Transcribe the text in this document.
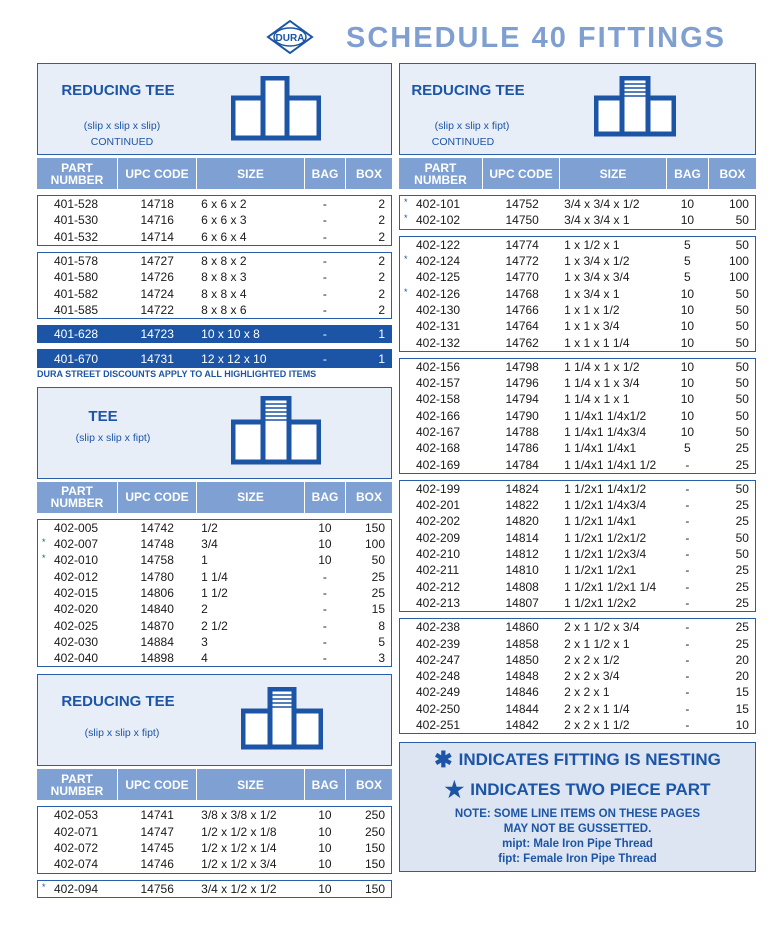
DURA SCHEDULE 40 FITTINGS
REDUCING TEE
(slip x slip x slip)
CONTINUED
PART NUMBER	UPC CODE	SIZE	BAG	BOX
401-528	14718	6 x 6 x 2	-	2
401-530	14716	6 x 6 x 3	-	2
401-532	14714	6 x 6 x 4	-	2
401-578	14727	8 x 8 x 2	-	2
401-580	14726	8 x 8 x 3	-	2
401-582	14724	8 x 8 x 4	-	2
401-585	14722	8 x 8 x 6	-	2
401-628	14723	10 x 10 x 8	-	1
401-670	14731	12 x 12 x 10	-	1
DURA STREET DISCOUNTS APPLY TO ALL HIGHLIGHTED ITEMS
TEE
(slip x slip x fipt)
PART NUMBER	UPC CODE	SIZE	BAG	BOX
402-005	14742	1/2	10	150
* 402-007	14748	3/4	10	100
* 402-010	14758	1	10	50
402-012	14780	1 1/4	-	25
402-015	14806	1 1/2	-	25
402-020	14840	2	-	15
402-025	14870	2 1/2	-	8
402-030	14884	3	-	5
402-040	14898	4	-	3
REDUCING TEE
(slip x slip x fipt)
PART NUMBER	UPC CODE	SIZE	BAG	BOX
402-053	14741	3/8 x 3/8 x 1/2	10	250
402-071	14747	1/2 x 1/2 x 1/8	10	250
402-072	14745	1/2 x 1/2 x 1/4	10	150
402-074	14746	1/2 x 1/2 x 3/4	10	150
* 402-094	14756	3/4 x 1/2 x 1/2	10	150
REDUCING TEE
(slip x slip x fipt)
CONTINUED
PART NUMBER	UPC CODE	SIZE	BAG	BOX
* 402-101	14752	3/4 x 3/4 x 1/2	10	100
* 402-102	14750	3/4 x 3/4 x 1	10	50
402-122	14774	1 x 1/2 x 1	5	50
* 402-124	14772	1 x 3/4 x 1/2	5	100
402-125	14770	1 x 3/4 x 3/4	5	100
* 402-126	14768	1 x 3/4 x 1	10	50
402-130	14766	1 x 1 x 1/2	10	50
402-131	14764	1 x 1 x 3/4	10	50
402-132	14762	1 x 1 x 1 1/4	10	50
402-156	14798	1 1/4 x 1 x 1/2	10	50
402-157	14796	1 1/4 x 1 x 3/4	10	50
402-158	14794	1 1/4 x 1 x 1	10	50
402-166	14790	1 1/4x1 1/4x1/2	10	50
402-167	14788	1 1/4x1 1/4x3/4	10	50
402-168	14786	1 1/4x1 1/4x1	5	25
402-169	14784	1 1/4x1 1/4x1 1/2	-	25
402-199	14824	1 1/2x1 1/4x1/2	-	50
402-201	14822	1 1/2x1 1/4x3/4	-	25
402-202	14820	1 1/2x1 1/4x1	-	25
402-209	14814	1 1/2x1 1/2x1/2	-	50
402-210	14812	1 1/2x1 1/2x3/4	-	50
402-211	14810	1 1/2x1 1/2x1	-	25
402-212	14808	1 1/2x1 1/2x1 1/4	-	25
402-213	14807	1 1/2x1 1/2x2	-	25
402-238	14860	2 x 1 1/2 x 3/4	-	25
402-239	14858	2 x 1 1/2 x 1	-	25
402-247	14850	2 x 2 x 1/2	-	20
402-248	14848	2 x 2 x 3/4	-	20
402-249	14846	2 x 2 x 1	-	15
402-250	14844	2 x 2 x 1 1/4	-	15
402-251	14842	2 x 2 x 1 1/2	-	10
✱ INDICATES FITTING IS NESTING
★ INDICATES TWO PIECE PART
NOTE: SOME LINE ITEMS ON THESE PAGES
MAY NOT BE GUSSETTED.
mipt: Male Iron Pipe Thread
fipt: Female Iron Pipe Thread
